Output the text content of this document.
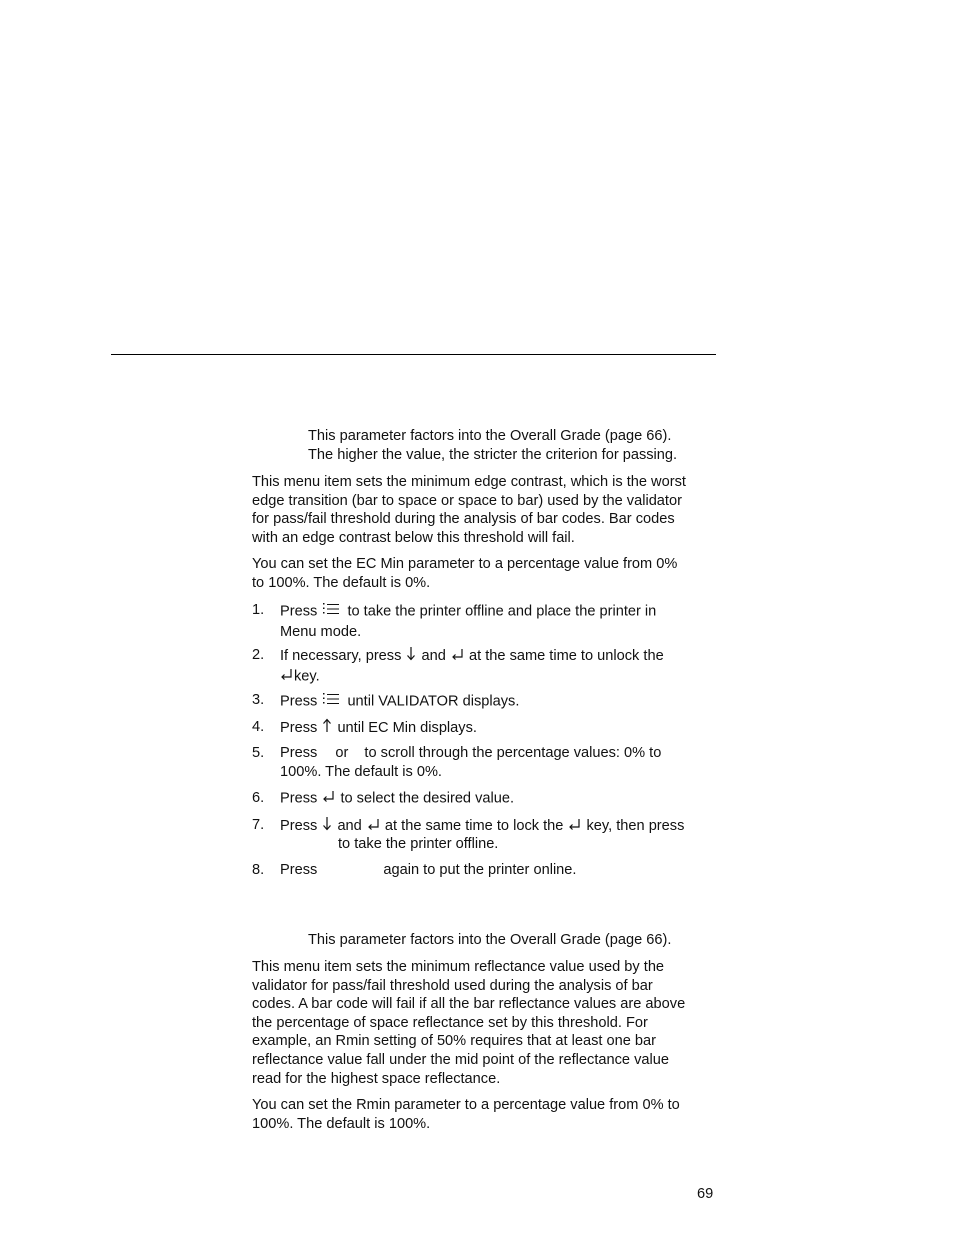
This parameter factors into the Overall Grade (page 66).
The higher the value, the stricter the criterion for passing.
This menu item sets the minimum edge contrast, which is the worst
edge transition (bar to space or space to bar) used by the validator
for pass/fail threshold during the analysis of bar codes. Bar codes
with an edge contrast below this threshold will fail.
You can set the EC Min parameter to a percentage value from 0%
to 100%. The default is 0%.
1. Press to take the printer offline and place the printer in
Menu mode.
2. If necessary, press and at the same time to unlock the
key.
3. Press until VALIDATOR displays.
4. Press until EC Min displays.
5. Press or to scroll through the percentage values: 0% to
100%. The default is 0%.
6. Press to select the desired value.
7. Press and at the same time to lock the key, then press
to take the printer offline.
8. Press	again to put the printer online.
This parameter factors into the Overall Grade (page 66).
This menu item sets the minimum reflectance value used by the
validator for pass/fail threshold used during the analysis of bar
codes. A bar code will fail if all the bar reflectance values are above
the percentage of space reflectance set by this threshold. For
example, an Rmin setting of 50% requires that at least one bar
reflectance value fall under the mid point of the reflectance value
read for the highest space reflectance.
You can set the Rmin parameter to a percentage value from 0% to
100%. The default is 100%.
69
